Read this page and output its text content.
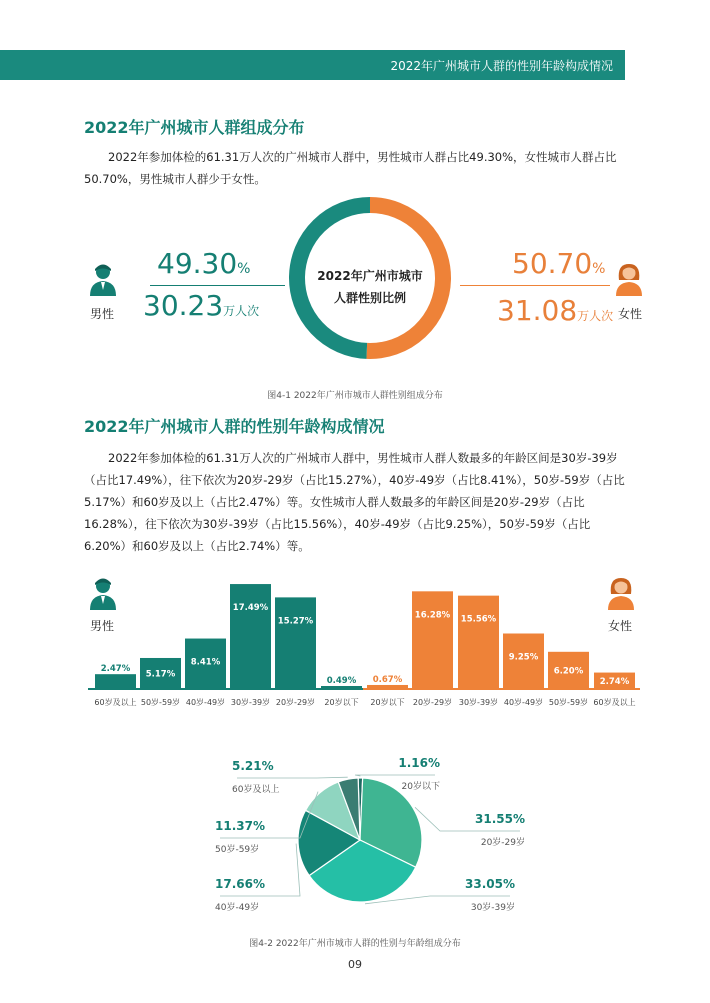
2022年广州城市人群的性别年龄构成情况
2022年广州城市人群组成分布
2022年参加体检的61.31万人次的广州城市人群中，男性城市人群占比49.30%，女性城市人群占比50.70%，男性城市人群少于女性。
2022年广州市城市
人群性别比例
男性
49.30%
30.23万人次	女性
50.70%
31.08万人次
图4-1 2022年广州市城市人群性别组成分布
2022年广州城市人群的性别年龄构成情况
2022年参加体检的61.31万人次的广州城市人群中，男性城市人群人数最多的年龄区间是30岁-39岁（占比17.49%），往下依次为20岁-29岁（占比15.27%），40岁-49岁（占比8.41%），50岁-59岁（占比5.17%）和60岁及以上（占比2.47%）等。女性城市人群人数最多的年龄区间是20岁-29岁（占比16.28%），往下依次为30岁-39岁（占比15.56%），40岁-49岁（占比9.25%），50岁-59岁（占比6.20%）和60岁及以上（占比2.74%）等。
男性	女性
2.47%
60岁及以上
5.17%
50岁-59岁
8.41%
40岁-49岁
17.49%
30岁-39岁
15.27%
20岁-29岁
0.49%
20岁以下
0.67%
20岁以下
16.28%
20岁-29岁
15.56%
30岁-39岁
9.25%
40岁-49岁
6.20%
50岁-59岁
2.74%
60岁及以上
1.16%
20岁以下
31.55%
20岁-29岁
33.05%
30岁-39岁
17.66%
40岁-49岁
11.37%
50岁-59岁
5.21%
60岁及以上
图4-2 2022年广州市城市人群的性别与年龄组成分布
09
